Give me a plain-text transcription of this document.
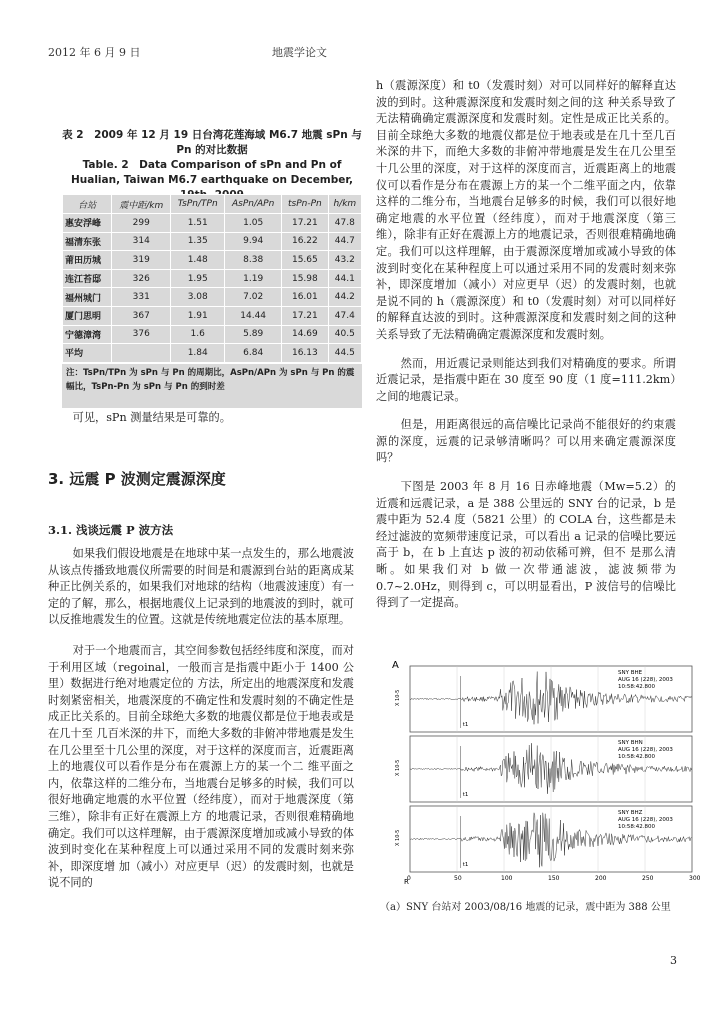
2012 年 6 月 9 日	地震学论文
表 2　2009 年 12 月 19 日台湾花莲海域 M6.7 地震 sPn 与 Pn 的对比数据
Table. 2　Data Comparison of sPn and Pn of Hualian, Taiwan M6.7 earthquake on December,
台站	震中距/km	TsPn/TPn	AsPn/APn	tsPn-Pn	h/km
惠安浮峰	299	1.51	1.05	17.21	47.8
福清东张	314	1.35	9.94	16.22	44.7
莆田历城	319	1.48	8.38	15.65	43.2
连江苔邸	326	1.95	1.19	15.98	44.1
福州城门	331	3.08	7.02	16.01	44.2
厦门思明	367	1.91	14.44	17.21	47.4
宁德漳湾	376	1.6	5.89	14.69	40.5
平均		1.84	6.84	16.13	44.5
注：TsPn/TPn 为 sPn 与 Pn 的周期比，AsPn/APn 为 sPn 与 Pn 的震幅比，TsPn-Pn 为 sPn 与 Pn 的到时差

可见，sPn 测量结果是可靠的。

3. 远震 P 波测定震源深度
3.1. 浅谈远震 P 波方法

如果我们假设地震是在地球中某一点发生的，那么地震波从该点传播致地震仪所需要的时间是和震源到台站的距离成某种正比例关系的，如果我们对地球的结构（地震波速度）有一定的了解，那么，根据地震仪上记录到的地震波的到时，就可以反推地震发生的位置。这就是传统地震定位法的基本原理。

对于一个地震而言，其空间参数包括经纬度和深度，而对于利用区域（regoinal，一般而言是指震中距小于 1400 公里）数据进行绝对地震定位的 方法，所定出的地震深度和发震时刻紧密相关，地震深度的不确定性和发震时刻的不确定性是成正比关系的。目前全球绝大多数的地震仪都是位于地表或是在几十至 几百米深的井下，而绝大多数的非俯冲带地震是发生在几公里至十几公里的深度，对于这样的深度而言，近震距离上的地震仪可以看作是分布在震源上方的某一个二 维平面之内，依靠这样的二维分布，当地震台足够多的时候，我们可以很好地确定地震的水平位置（经纬度），而对于地震深度（第三维），除非有正好在震源上方 的地震记录，否则很难精确地确定。我们可以这样理解，由于震源深度增加或减小导致的体波到时变化在某种程度上可以通过采用不同的发震时刻来弥补，即深度增 加（减小）对应更早（迟）的发震时刻，也就是说不同的

h（震源深度）和 t0（发震时刻）对可以同样好的解释直达波的到时。这种震源深度和发震时刻之间的这 种关系导致了无法精确确定震源深度和发震时刻。定性是成正比关系的。目前全球绝大多数的地震仪都是位于地表或是在几十至几百米深的井下，而绝大多数的非俯冲带地震是发生在几公里至十几公里的深度，对于这样的深度而言，近震距离上的地震仪可以看作是分布在震源上方的某一个二维平面之内，依靠这样的二维分布，当地震台足够多的时候，我们可以很好地确定地震的水平位置（经纬度），而对于地震深度（第三维），除非有正好在震源上方的地震记录，否则很难精确地确定。我们可以这样理解，由于震源深度增加或减小导致的体波到时变化在某种程度上可以通过采用不同的发震时刻来弥补，即深度增加（减小）对应更早（迟）的发震时刻，也就是说不同的 h（震源深度）和 t0（发震时刻）对可以同样好的解释直达波的到时。这种震源深度和发震时刻之间的这种关系导致了无法精确确定震源深度和发震时刻。

然而，用近震记录则能达到我们对精确度的要求。所谓近震记录，是指震中距在 30 度至 90 度（1 度=111.2km）之间的地震记录。

但是，用距离很远的高信噪比记录尚不能很好的约束震源的深度，远震的记录够清晰吗？可以用来确定震源深度吗？

下图是 2003 年 8 月 16 日赤峰地震（Mw=5.2）的近震和远震记录，a 是 388 公里远的 SNY 台的记录，b 是震中距为 52.4 度（5821 公里）的 COLA 台，这些都是未经过滤波的宽频带速度记录，可以看出 a 记录的信噪比要远高于 b，在 b 上直达 p 波的初动依稀可辨，但不 是那么清晰。如果我们对 b 做一次带通滤波，滤波频带为 0.7~2.0Hz，则得到 c，可以明显看出，P 波信号的信噪比得到了一定提高。

A
t1
SNY BHE
AUG 16 (228), 2003
10:58:42.800
X 10-5
t1
SNY BHN
AUG 16 (228), 2003
10:58:42.800
X 10-5
t1
SNY BHZ
AUG 16 (228), 2003
10:58:42.800
X 10-5
0	50	100	150	200	250	300
R
（a）SNY 台站对 2003/08/16 地震的记录，震中距为 388 公里
3
